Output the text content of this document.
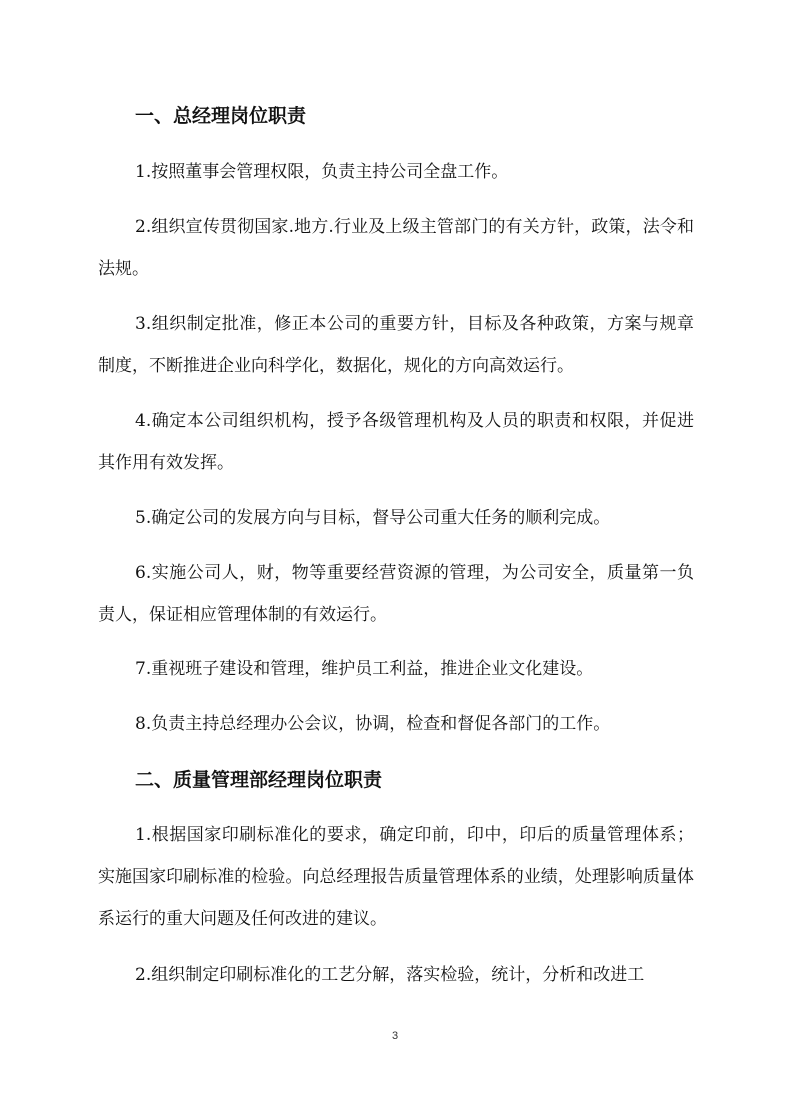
一、总经理岗位职责

1.按照董事会管理权限，负责主持公司全盘工作。

2.组织宣传贯彻国家.地方.行业及上级主管部门的有关方针，政策，法令和法规。

3.组织制定批准，修正本公司的重要方针，目标及各种政策，方案与规章制度，不断推进企业向科学化，数据化，规化的方向高效运行。

4.确定本公司组织机构，授予各级管理机构及人员的职责和权限，并促进其作用有效发挥。

5.确定公司的发展方向与目标，督导公司重大任务的顺利完成。

6.实施公司人，财，物等重要经营资源的管理，为公司安全，质量第一负责人，保证相应管理体制的有效运行。

7.重视班子建设和管理，维护员工利益，推进企业文化建设。

8.负责主持总经理办公会议，协调，检查和督促各部门的工作。

二、质量管理部经理岗位职责

1.根据国家印刷标准化的要求，确定印前，印中，印后的质量管理体系；实施国家印刷标准的检验。向总经理报告质量管理体系的业绩，处理影响质量体系运行的重大问题及任何改进的建议。

2.组织制定印刷标准化的工艺分解，落实检验，统计，分析和改进工

3
